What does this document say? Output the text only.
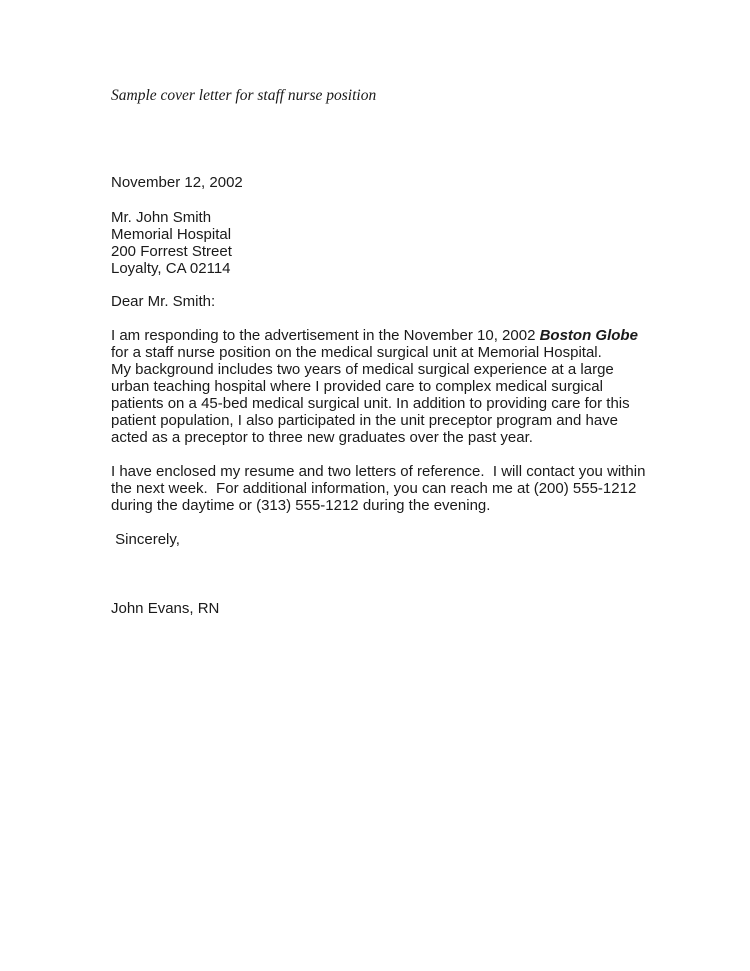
Sample cover letter for staff nurse position
November 12, 2002
Mr. John Smith
Memorial Hospital
200 Forrest Street
Loyalty, CA 02114
Dear Mr. Smith:
I am responding to the advertisement in the November 10, 2002 Boston Globe
for a staff nurse position on the medical surgical unit at Memorial Hospital.
My background includes two years of medical surgical experience at a large
urban teaching hospital where I provided care to complex medical surgical
patients on a 45-bed medical surgical unit. In addition to providing care for this
patient population, I also participated in the unit preceptor program and have
acted as a preceptor to three new graduates over the past year.
I have enclosed my resume and two letters of reference.  I will contact you within
the next week.  For additional information, you can reach me at (200) 555-1212
during the daytime or (313) 555-1212 during the evening.
Sincerely,
John Evans, RN
